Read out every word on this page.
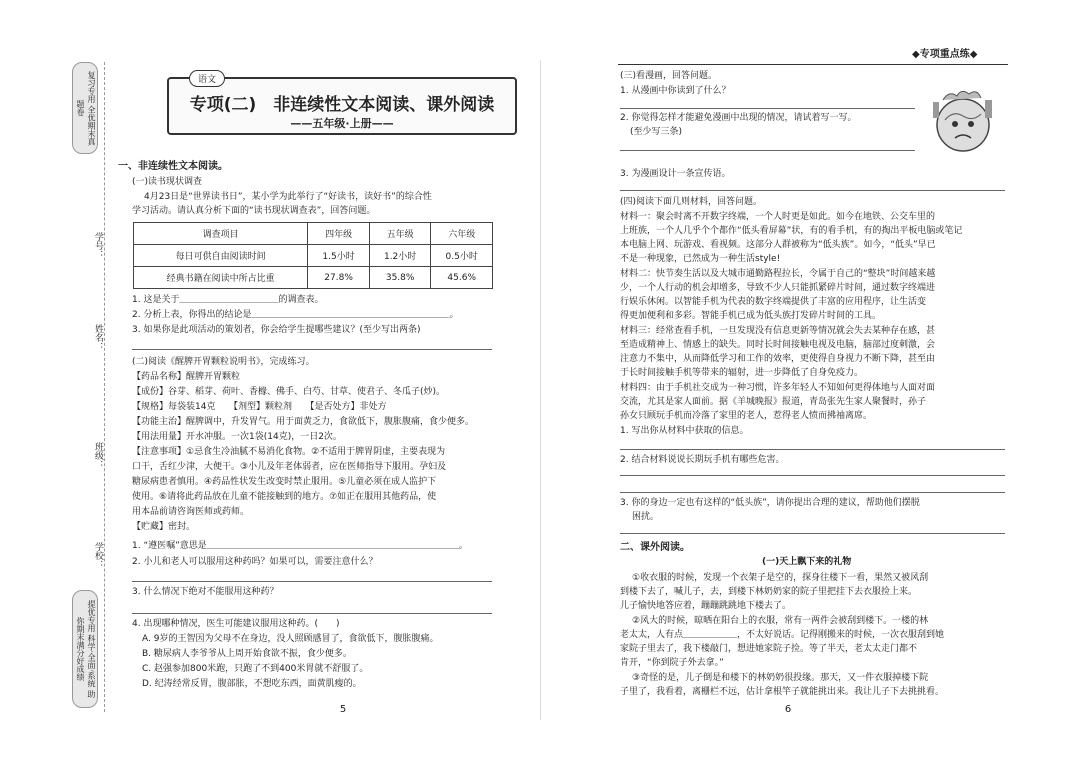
复习专用 全优期末真题卷
学号：
姓名：
班级：
学校：
提优专用 科学·全面·系统 助你期末满分好成绩
语文
专项(二)　非连续性文本阅读、课外阅读
——五年级·上册——
一、非连续性文本阅读。
(一)读书现状调查
4月23日是“世界读书日”，某小学为此举行了“好读书，读好书”的综合性
学习活动。请认真分析下面的“读书现状调查表”，回答问题。
调查项目	四年级	五年级	六年级
每日可供自由阅读时间	1.5小时	1.2小时	0.5小时
经典书籍在阅读中所占比重	27.8%	35.8%	45.6%
1. 这是关于＿＿＿＿＿＿＿＿＿＿＿的调查表。
2. 分析上表，你得出的结论是＿＿＿＿＿＿＿＿＿＿＿＿＿＿＿＿＿＿＿＿＿＿。
3. 如果你是此项活动的策划者，你会给学生提哪些建议？(至少写出两条)
(二)阅读《醒脾开胃颗粒说明书》，完成练习。
【药品名称】醒脾开胃颗粒
【成份】谷芽、稻芽、荷叶、香橼、佛手、白芍、甘草、使君子、冬瓜子(炒)。
【规格】每袋装14克　　【剂型】颗粒剂　　【是否处方】非处方
【功能主治】醒脾调中，升发胃气。用于面黄乏力，食欲低下，腹胀腹痛，食少便多。
【用法用量】开水冲服。一次1袋(14克)，一日2次。
【注意事项】①忌食生冷油腻不易消化食物。②不适用于脾胃阴虚，主要表现为
口干，舌红少津，大便干。③小儿及年老体弱者，应在医师指导下服用。孕妇及
糖尿病患者慎用。④药品性状发生改变时禁止服用。⑤儿童必须在成人监护下
使用。⑥请将此药品放在儿童不能接触到的地方。⑦如正在服用其他药品，使
用本品前请咨询医师或药师。
【贮藏】密封。
1. “遵医嘱”意思是＿＿＿＿＿＿＿＿＿＿＿＿＿＿＿＿＿＿＿＿＿＿＿＿＿＿＿＿。
2. 小儿和老人可以服用这种药吗？如果可以，需要注意什么？
3. 什么情况下绝对不能服用这种药？
4. 出现哪种情况，医生可能建议服用这种药。(　　)
A. 9岁的王智因为父母不在身边，没人照顾感冒了，食欲低下，腹胀腹痛。
B. 糖尿病人李爷爷从上周开始食欲不振，食少便多。
C. 赵强参加800米跑，只跑了不到400米胃就不舒服了。
D. 纪涛经常反胃，腹部胀，不想吃东西，面黄肌瘦的。
5
◆专项重点练◆
(三)看漫画，回答问题。
1. 从漫画中你读到了什么？
2. 你觉得怎样才能避免漫画中出现的情况，请试着写一写。
(至少写三条)
3. 为漫画设计一条宣传语。
(四)阅读下面几则材料，回答问题。
材料一：聚会时离不开数字终端，一个人时更是如此。如今在地铁、公交车里的
上班族，一个人几乎个个都作“低头看屏幕”状，有的看手机，有的掏出平板电脑或笔记
本电脑上网、玩游戏、看视频。这部分人群被称为“低头族”。如今，“低头”早已
不是一种现象，已然成为一种生活style!
材料二：快节奏生活以及大城市通勤路程拉长，令属于自己的“整块”时间越来越
少，一个人行动的机会却增多，导致不少人只能抓紧碎片时间，通过数字终端进
行娱乐休闲。以智能手机为代表的数字终端提供了丰富的应用程序，让生活变
得更加便利和多彩。智能手机已成为低头族打发碎片时间的工具。
材料三：经常查看手机，一旦发现没有信息更新等情况就会失去某种存在感，甚
至造成精神上、情感上的缺失。同时长时间接触电视及电脑，脑部过度刺激，会
注意力不集中，从而降低学习和工作的效率，更使得自身视力不断下降，甚至由
于长时间接触手机等带来的辐射，进一步降低了自身免疫力。
材料四：由于手机社交成为一种习惯，许多年轻人不知如何更得体地与人面对面
交流，尤其是家人面前。据《羊城晚报》报道，青岛张先生家人聚餐时，孙子
孙女只顾玩手机而冷落了家里的老人，惹得老人愤而拂袖离席。
1. 写出你从材料中获取的信息。
2. 结合材料说说长期玩手机有哪些危害。
3. 你的身边一定也有这样的“低头族”，请你提出合理的建议，帮助他们摆脱
困扰。
二、课外阅读。
(一)天上飘下来的礼物
①收衣服的时候，发现一个衣架子是空的，探身往楼下一看，果然又被风刮
到楼下去了，喊儿子，去，到楼下林奶奶家的院子里把挂下去衣服捡上来。
儿子愉快地答应着，蹦蹦跳跳地下楼去了。
②风大的时候，晾晒在阳台上的衣服，常有一两件会被刮到楼下。一楼的林
老太太，人有点＿＿＿＿＿＿，不太好说话。记得刚搬来的时候，一次衣服刮到她
家院子里去了，我下楼敲门，想进她家院子捡。等了半天，老太太走门都不
肯开，“你到院子外去拿。”
③奇怪的是，儿子倒是和楼下的林奶奶很投缘。那天，又一件衣服掉楼下院
子里了，我看着，离栅栏不远，估计拿根竿子就能挑出来。我让儿子下去挑挑看。
6
